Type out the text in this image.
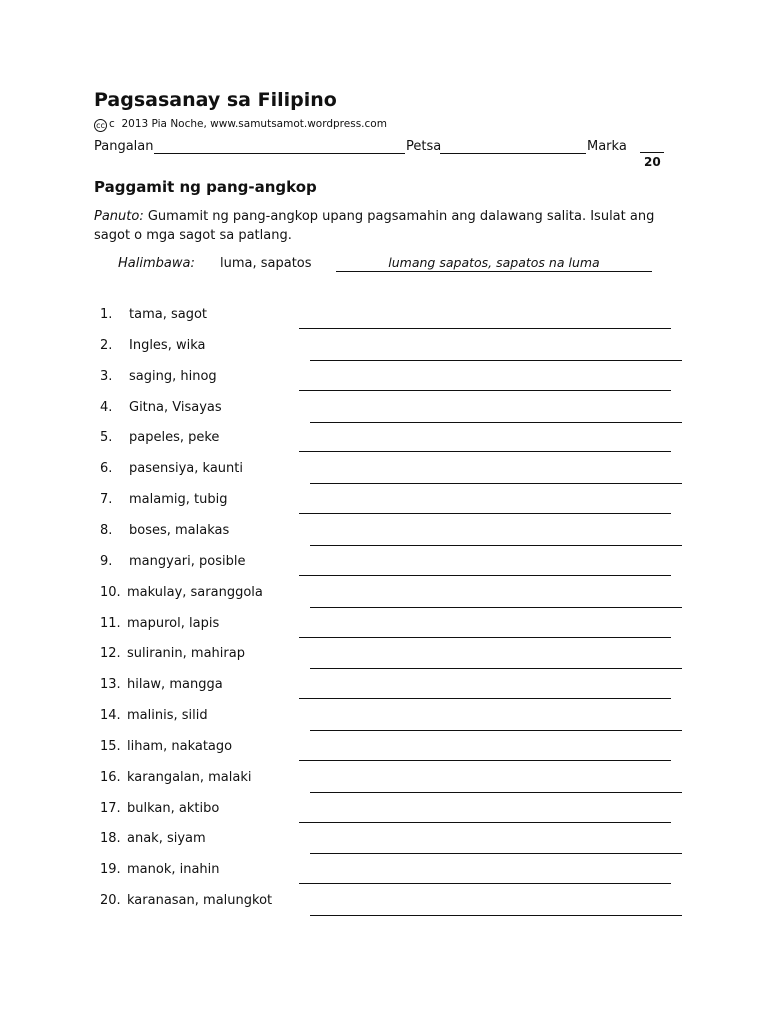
Pagsasanay sa Filipino
cc c 2013 Pia Noche, www.samutsamot.wordpress.com
Pangalan	Petsa	Marka
20
Paggamit ng pang-angkop
Panuto: Gumamit ng pang-angkop upang pagsamahin ang dalawang salita. Isulat ang sagot o mga sagot sa patlang.
Halimbawa: luma, sapatos	lumang sapatos, sapatos na luma
1. tama, sagot
2. Ingles, wika
3. saging, hinog
4. Gitna, Visayas
5. papeles, peke
6. pasensiya, kaunti
7. malamig, tubig
8. boses, malakas
9. mangyari, posible
10. makulay, saranggola
11. mapurol, lapis
12. suliranin, mahirap
13. hilaw, mangga
14. malinis, silid
15. liham, nakatago
16. karangalan, malaki
17. bulkan, aktibo
18. anak, siyam
19. manok, inahin
20. karanasan, malungkot
